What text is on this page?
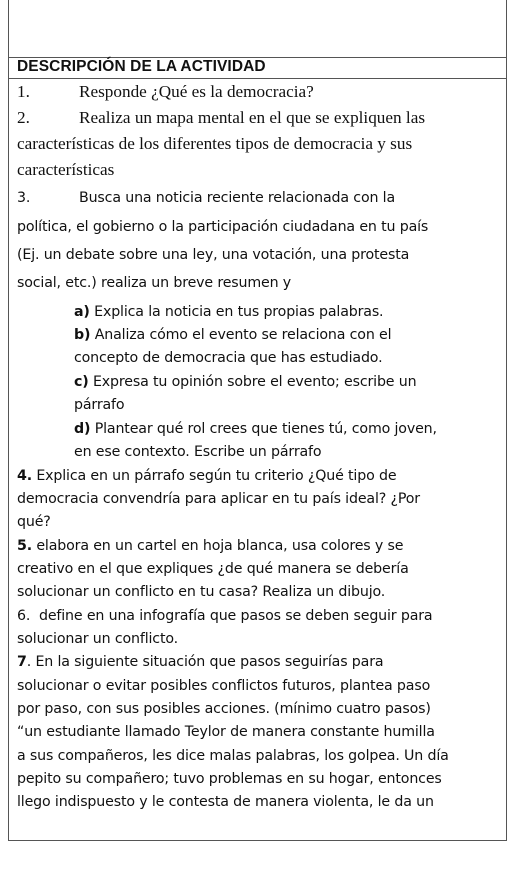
DESCRIPCIÓN DE LA ACTIVIDAD
1.	Responde ¿Qué es la democracia?
2.	Realiza un mapa mental en el que se expliquen las
características de los diferentes tipos de democracia y sus
características
3.	Busca una noticia reciente relacionada con la
política, el gobierno o la participación ciudadana en tu país
(Ej. un debate sobre una ley, una votación, una protesta
social, etc.) realiza un breve resumen y
a) Explica la noticia en tus propias palabras.
b) Analiza cómo el evento se relaciona con el
concepto de democracia que has estudiado.
c) Expresa tu opinión sobre el evento; escribe un
párrafo
d) Plantear qué rol crees que tienes tú, como joven,
en ese contexto. Escribe un párrafo
4. Explica en un párrafo según tu criterio ¿Qué tipo de
democracia convendría para aplicar en tu país ideal? ¿Por
qué?
5. elabora en un cartel en hoja blanca, usa colores y se
creativo en el que expliques ¿de qué manera se debería
solucionar un conflicto en tu casa? Realiza un dibujo.
6. define en una infografía que pasos se deben seguir para
solucionar un conflicto.
7. En la siguiente situación que pasos seguirías para
solucionar o evitar posibles conflictos futuros, plantea paso
por paso, con sus posibles acciones. (mínimo cuatro pasos)
“un estudiante llamado Teylor de manera constante humilla
a sus compañeros, les dice malas palabras, los golpea. Un día
pepito su compañero; tuvo problemas en su hogar, entonces
llego indispuesto y le contesta de manera violenta, le da un
